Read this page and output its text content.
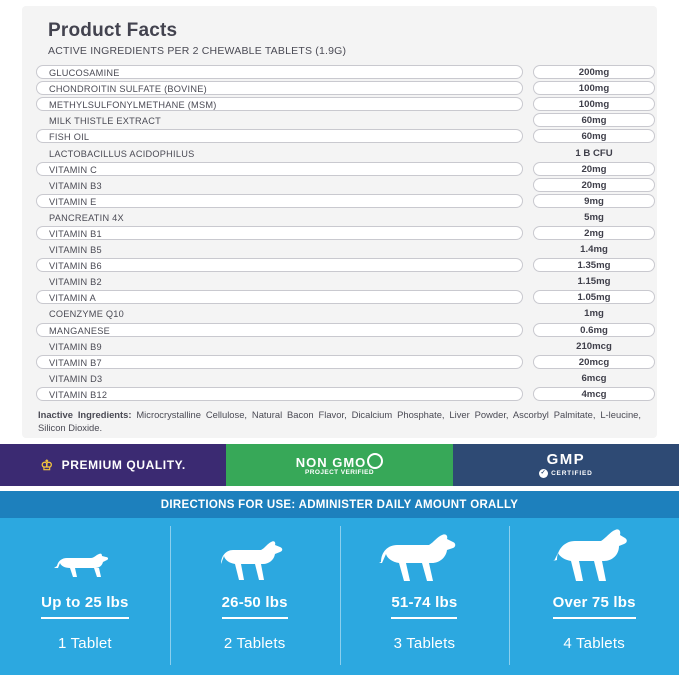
Product Facts
ACTIVE INGREDIENTS PER 2 CHEWABLE TABLETS (1.9G)
GLUCOSAMINE	200mg
CHONDROITIN SULFATE (BOVINE)	100mg
METHYLSULFONYLMETHANE (MSM)	100mg
MILK THISTLE EXTRACT	60mg
FISH OIL	60mg
LACTOBACILLUS ACIDOPHILUS	1 B CFU
VITAMIN C	20mg
VITAMIN B3	20mg
VITAMIN E	9mg
PANCREATIN 4X	5mg
VITAMIN B1	2mg
VITAMIN B5	1.4mg
VITAMIN B6	1.35mg
VITAMIN B2	1.15mg
VITAMIN A	1.05mg
COENZYME Q10	1mg
MANGANESE	0.6mg
VITAMIN B9	210mcg
VITAMIN B7	20mcg
VITAMIN D3	6mcg
VITAMIN B12	4mcg
Inactive Ingredients: Microcrystalline Cellulose, Natural Bacon Flavor, Dicalcium Phosphate, Liver Powder, Ascorbyl Palmitate, L-leucine, Silicon Dioxide.
♔ PREMIUM QUALITY.	NON GMO
PROJECT VERIFIED
GMP
✓ CERTIFIED
DIRECTIONS FOR USE: ADMINISTER DAILY AMOUNT ORALLY
Up to 25 lbs
1 Tablet
26-50 lbs
2 Tablets
51-74 lbs
3 Tablets
Over 75 lbs
4 Tablets
